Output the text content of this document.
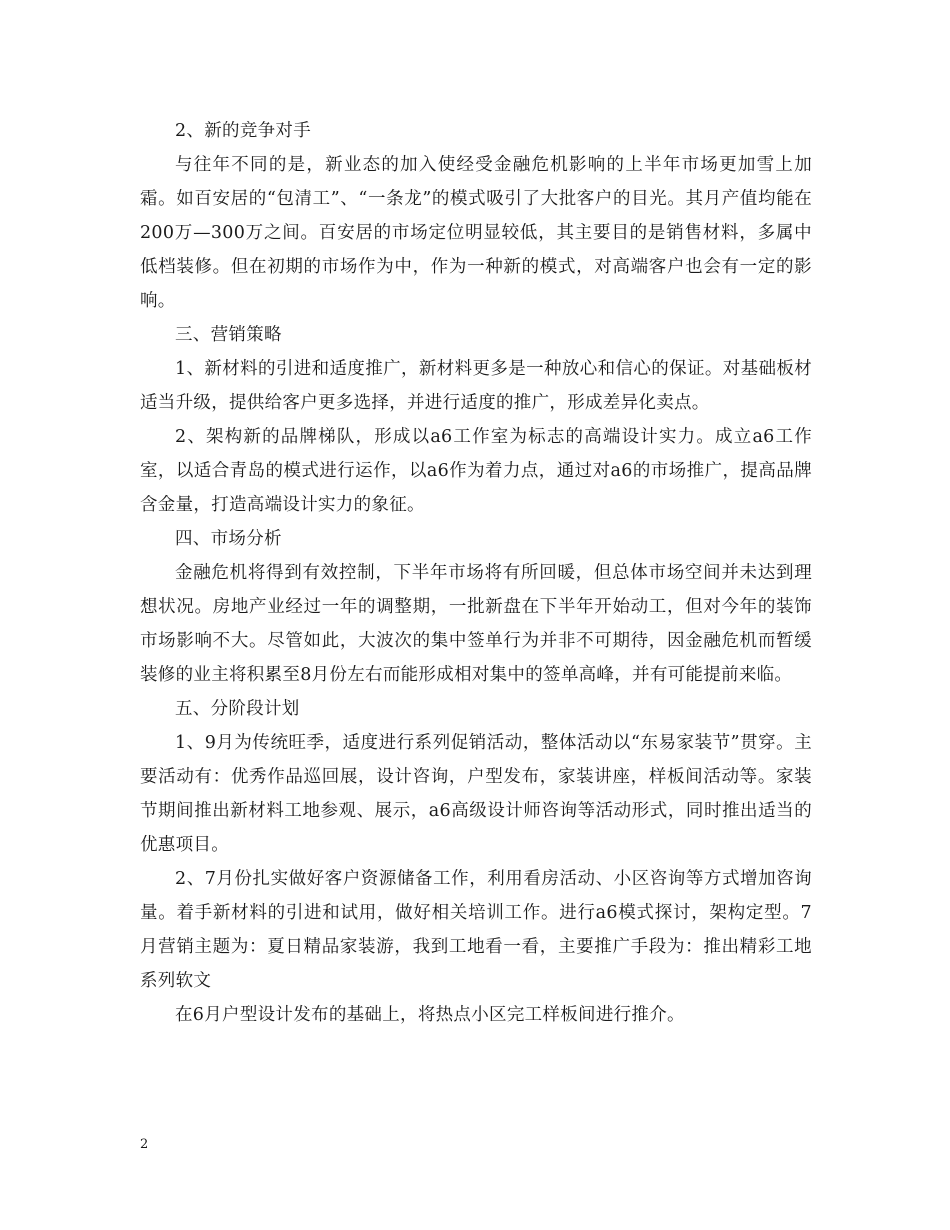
2、新的竞争对手

与往年不同的是，新业态的加入使经受金融危机影响的上半年市场更加雪上加霜。如百安居的“包清工”、“一条龙”的模式吸引了大批客户的目光。其月产值均能在200万—300万之间。百安居的市场定位明显较低，其主要目的是销售材料，多属中低档装修。但在初期的市场作为中，作为一种新的模式，对高端客户也会有一定的影响。

三、营销策略

1、新材料的引进和适度推广，新材料更多是一种放心和信心的保证。对基础板材适当升级，提供给客户更多选择，并进行适度的推广，形成差异化卖点。

2、架构新的品牌梯队，形成以a6工作室为标志的高端设计实力。成立a6工作室，以适合青岛的模式进行运作，以a6作为着力点，通过对a6的市场推广，提高品牌含金量，打造高端设计实力的象征。

四、市场分析

金融危机将得到有效控制，下半年市场将有所回暖，但总体市场空间并未达到理想状况。房地产业经过一年的调整期，一批新盘在下半年开始动工，但对今年的装饰市场影响不大。尽管如此，大波次的集中签单行为并非不可期待，因金融危机而暂缓装修的业主将积累至8月份左右而能形成相对集中的签单高峰，并有可能提前来临。

五、分阶段计划

1、9月为传统旺季，适度进行系列促销活动，整体活动以“东易家装节”贯穿。主要活动有：优秀作品巡回展，设计咨询，户型发布，家装讲座，样板间活动等。家装节期间推出新材料工地参观、展示，a6高级设计师咨询等活动形式，同时推出适当的优惠项目。

2、7月份扎实做好客户资源储备工作，利用看房活动、小区咨询等方式增加咨询量。着手新材料的引进和试用，做好相关培训工作。进行a6模式探讨，架构定型。7月营销主题为：夏日精品家装游，我到工地看一看，主要推广手段为：推出精彩工地系列软文

在6月户型设计发布的基础上，将热点小区完工样板间进行推介。

2
